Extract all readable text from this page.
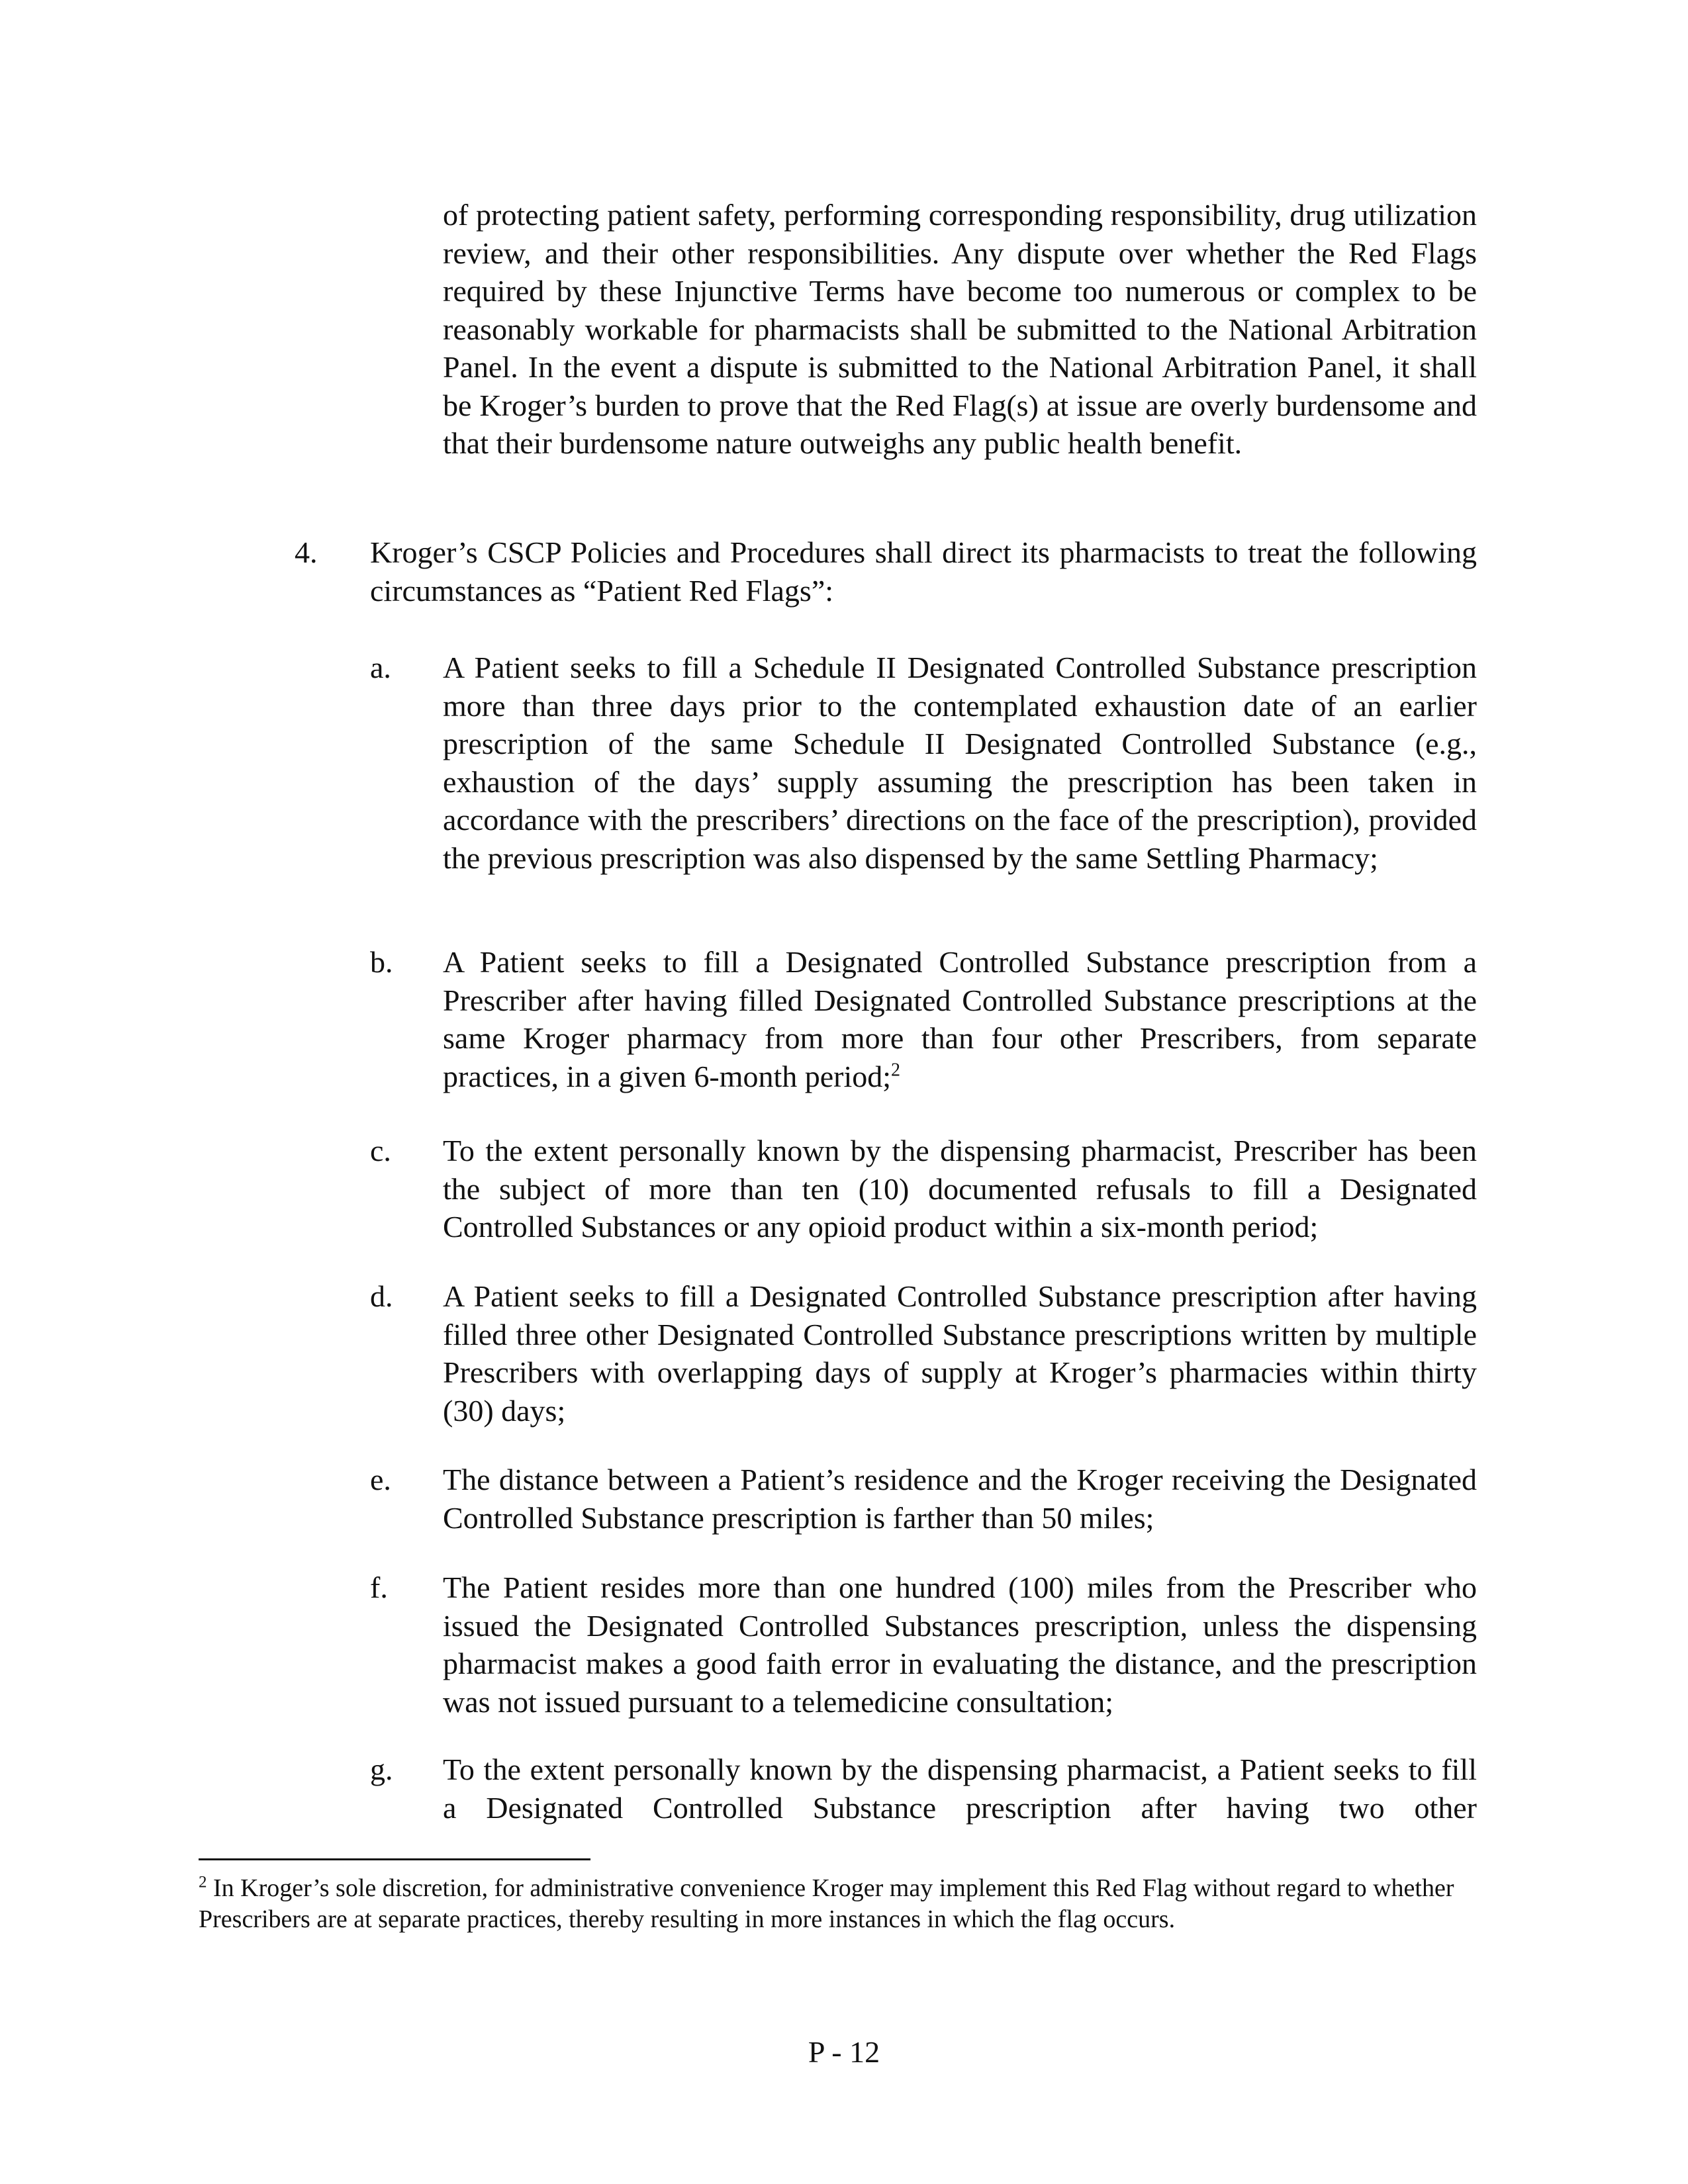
of protecting patient safety, performing corresponding responsibility, drug utilization review, and their other responsibilities. Any dispute over whether the Red Flags required by these Injunctive Terms have become too numerous or complex to be reasonably workable for pharmacists shall be submitted to the National Arbitration Panel. In the event a dispute is submitted to the National Arbitration Panel, it shall be Kroger’s burden to prove that the Red Flag(s) at issue are overly burdensome and that their burdensome nature outweighs any public health benefit.

4. Kroger’s CSCP Policies and Procedures shall direct its pharmacists to treat the following circumstances as “Patient Red Flags”:

a. A Patient seeks to fill a Schedule II Designated Controlled Substance prescription more than three days prior to the contemplated exhaustion date of an earlier prescription of the same Schedule II Designated Controlled Substance (e.g., exhaustion of the days’ supply assuming the prescription has been taken in accordance with the prescribers’ directions on the face of the prescription), provided the previous prescription was also dispensed by the same Settling Pharmacy;

b. A Patient seeks to fill a Designated Controlled Substance prescription from a Prescriber after having filled Designated Controlled Substance prescriptions at the same Kroger pharmacy from more than four other Prescribers, from separate practices, in a given 6-month period;$^2$

c. To the extent personally known by the dispensing pharmacist, Prescriber has been the subject of more than ten (10) documented refusals to fill a Designated Controlled Substances or any opioid product within a six-month period;

d. A Patient seeks to fill a Designated Controlled Substance prescription after having filled three other Designated Controlled Substance prescriptions written by multiple Prescribers with overlapping days of supply at Kroger’s pharmacies within thirty (30) days;

e. The distance between a Patient’s residence and the Kroger receiving the Designated Controlled Substance prescription is farther than 50 miles;

f. The Patient resides more than one hundred (100) miles from the Prescriber who issued the Designated Controlled Substances prescription, unless the dispensing pharmacist makes a good faith error in evaluating the distance, and the prescription was not issued pursuant to a telemedicine consultation;

g. To the extent personally known by the dispensing pharmacist, a Patient seeks to fill a Designated Controlled Substance prescription after having two other

$^2$ In Kroger’s sole discretion, for administrative convenience Kroger may implement this Red Flag without regard to whether Prescribers are at separate practices, thereby resulting in more instances in which the flag occurs.

P - 12
